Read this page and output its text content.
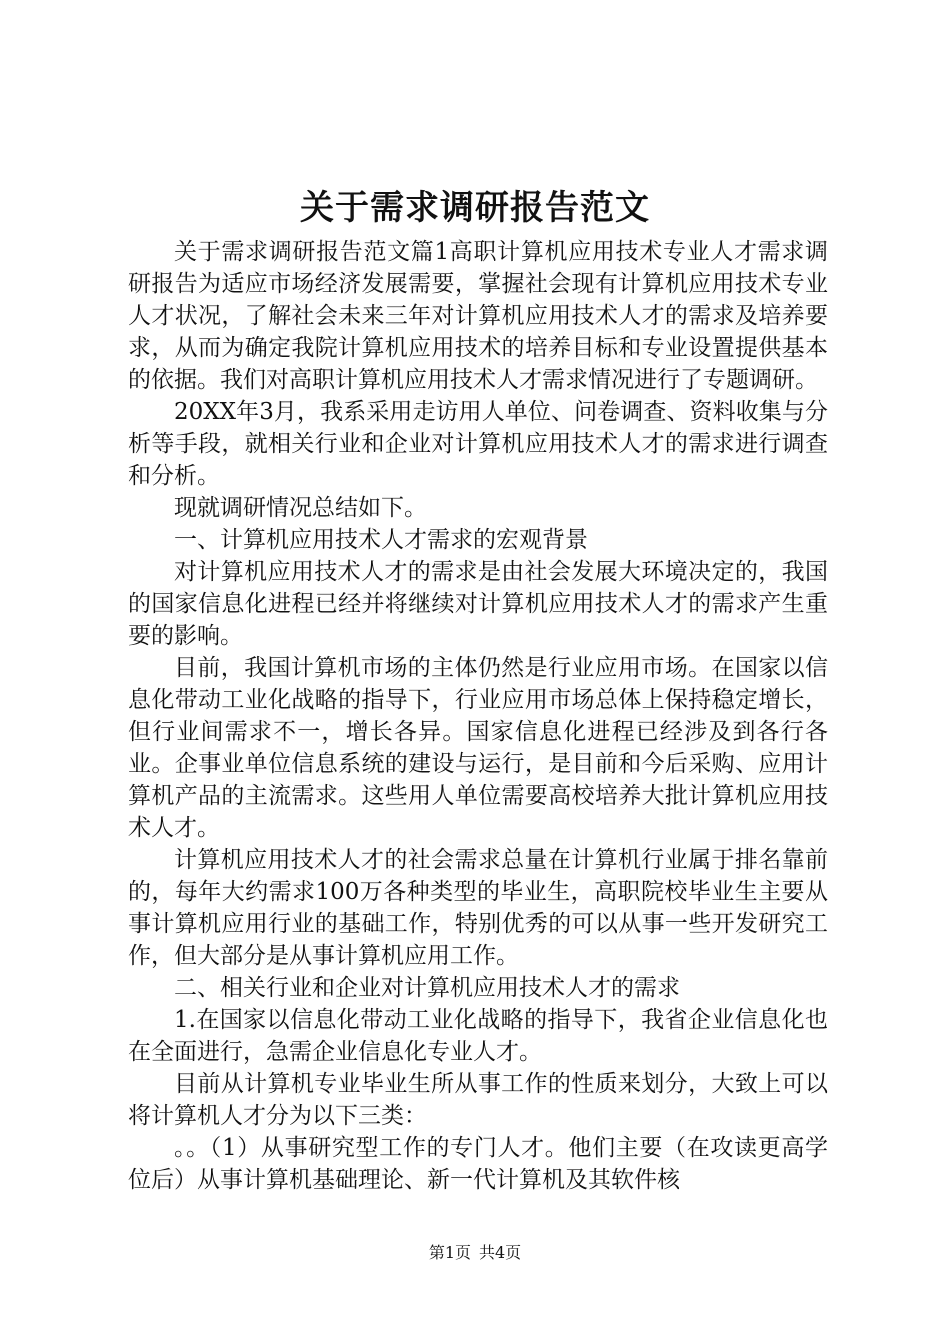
关于需求调研报告范文

关于需求调研报告范文篇1高职计算机应用技术专业人才需求调研报告为适应市场经济发展需要，掌握社会现有计算机应用技术专业人才状况，了解社会未来三年对计算机应用技术人才的需求及培养要求，从而为确定我院计算机应用技术的培养目标和专业设置提供基本的依据。我们对高职计算机应用技术人才需求情况进行了专题调研。

20XX年3月，我系采用走访用人单位、问卷调查、资料收集与分析等手段，就相关行业和企业对计算机应用技术人才的需求进行调查和分析。

现就调研情况总结如下。

一、计算机应用技术人才需求的宏观背景

对计算机应用技术人才的需求是由社会发展大环境决定的，我国的国家信息化进程已经并将继续对计算机应用技术人才的需求产生重要的影响。

目前，我国计算机市场的主体仍然是行业应用市场。在国家以信息化带动工业化战略的指导下，行业应用市场总体上保持稳定增长，但行业间需求不一，增长各异。国家信息化进程已经涉及到各行各业。企事业单位信息系统的建设与运行，是目前和今后采购、应用计算机产品的主流需求。这些用人单位需要高校培养大批计算机应用技术人才。

计算机应用技术人才的社会需求总量在计算机行业属于排名靠前的，每年大约需求100万各种类型的毕业生，高职院校毕业生主要从事计算机应用行业的基础工作，特别优秀的可以从事一些开发研究工作，但大部分是从事计算机应用工作。

二、相关行业和企业对计算机应用技术人才的需求

1.在国家以信息化带动工业化战略的指导下，我省企业信息化也在全面进行，急需企业信息化专业人才。

目前从计算机专业毕业生所从事工作的性质来划分，大致上可以将计算机人才分为以下三类：

。。（1）从事研究型工作的专门人才。他们主要（在攻读更高学位后）从事计算机基础理论、新一代计算机及其软件核

第1页 共4页
